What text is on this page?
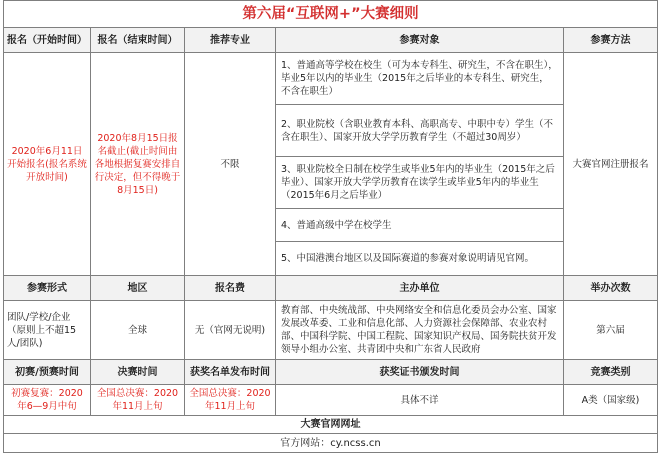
第六届“互联网+”大赛细则				
报名（开始时间）	报名（结束时间）	推荐专业	参赛对象	参赛方法
2020年6月11日开始报名(报名系统开放时间)	2020年8月15日报名截止(截止时间由各地根据复赛安排自行决定，但不得晚于8月15日)	不限	1、普通高等学校在校生（可为本专科生、研究生，不含在职生），毕业5年以内的毕业生（2015年之后毕业的本专科生、研究生，不含在职生）	大赛官网注册报名
			2、职业院校（含职业教育本科、高职高专、中职中专）学生（不含在职生）、国家开放大学学历教育学生（不超过30周岁）	
			3、职业院校全日制在校学生或毕业5年内的毕业生（2015年之后毕业）、国家开放大学学历教育在读学生或毕业5年内的毕业生（2015年6月之后毕业）	
			4、普通高级中学在校学生	
			5、中国港澳台地区以及国际赛道的参赛对象说明请见官网。	
参赛形式	地区	报名费	主办单位	举办次数
团队/学校/企业（原则上不超15人/团队)	全球	无（官网无说明)	教育部、中央统战部、中央网络安全和信息化委员会办公室、国家发展改革委、工业和信息化部、人力资源社会保障部、农业农村部、中国科学院、中国工程院、国家知识产权局、国务院扶贫开发领导小组办公室、共青团中央和广东省人民政府	第六届
初赛/预赛时间	决赛时间	获奖名单发布时间	获奖证书颁发时间	竞赛类别
初赛复赛：2020年6—9月中旬	全国总决赛：2020年11月上旬	全国总决赛：2020年11月上旬	具体不详	A类（国家级)
大赛官网网址				
官方网站：cy.ncss.cn				
